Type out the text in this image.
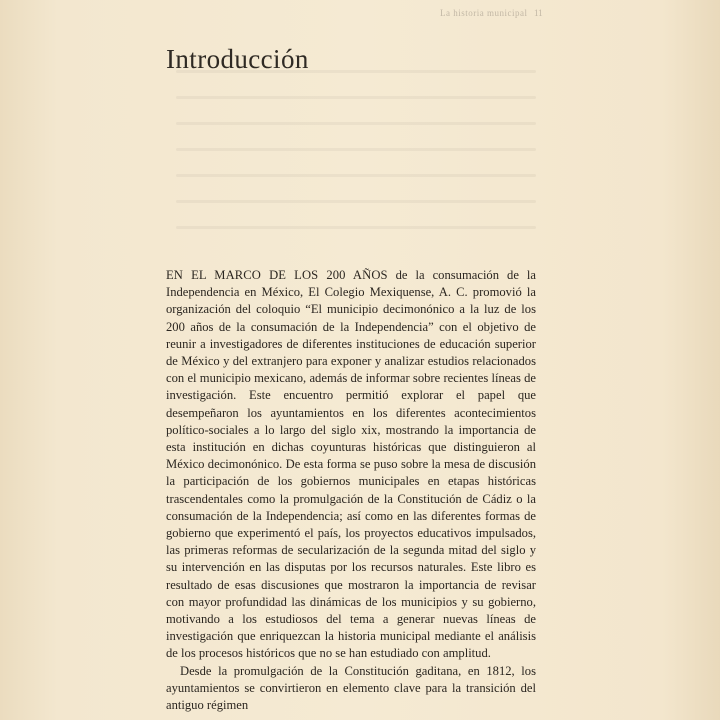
La historia municipal 11
Introducción

EN EL MARCO DE LOS 200 AÑOS de la consumación de la Independencia en México, El Colegio Mexiquense, A. C. promovió la organización del coloquio “El municipio decimonónico a la luz de los 200 años de la consumación de la Independencia” con el objetivo de reunir a investigadores de diferentes instituciones de educación superior de México y del extranjero para exponer y analizar estudios relacionados con el municipio mexicano, además de informar sobre recientes líneas de investigación. Este encuentro permitió explorar el papel que desempeñaron los ayuntamientos en los diferentes acontecimientos político-sociales a lo largo del siglo xix, mostrando la importancia de esta institución en dichas coyunturas históricas que distinguieron al México decimonónico. De esta forma se puso sobre la mesa de discusión la participación de los gobiernos municipales en etapas históricas trascendentales como la promulgación de la Constitución de Cádiz o la consumación de la Independencia; así como en las diferentes formas de gobierno que experimentó el país, los proyectos educativos impulsados, las primeras reformas de secularización de la segunda mitad del siglo y su intervención en las disputas por los recursos naturales. Este libro es resultado de esas discusiones que mostraron la importancia de revisar con mayor profundidad las dinámicas de los municipios y su gobierno, motivando a los estudiosos del tema a generar nuevas líneas de investigación que enriquezcan la historia municipal mediante el análisis de los procesos históricos que no se han estudiado con amplitud.

Desde la promulgación de la Constitución gaditana, en 1812, los ayuntamientos se convirtieron en elemento clave para la transición del antiguo régimen
